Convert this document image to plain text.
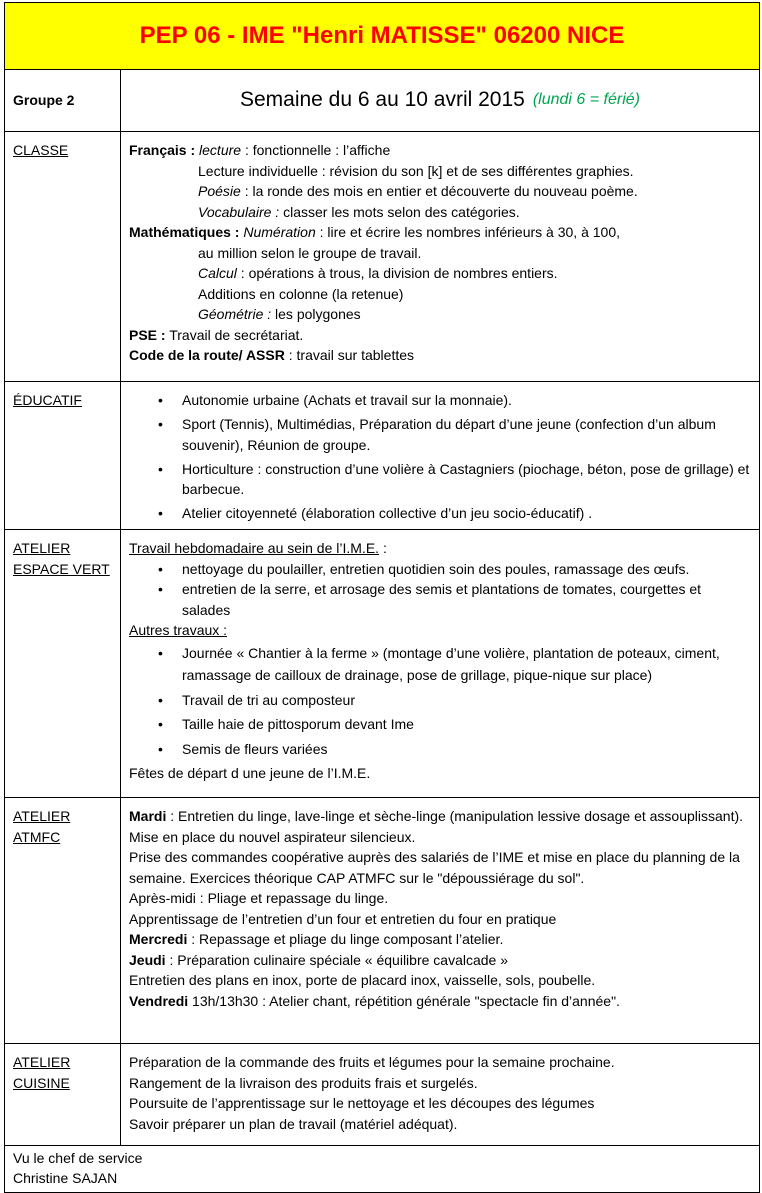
PEP 06 - IME "Henri MATISSE" 06200 NICE
Groupe 2	Semaine du 6 au 10 avril 2015 (lundi 6 = férié)
CLASSE	Français : lecture : fonctionnelle : l’affiche
Lecture individuelle : révision du son [k] et de ses différentes graphies.
Poésie : la ronde des mois en entier et découverte du nouveau poème.
Vocabulaire : classer les mots selon des catégories.
Mathématiques : Numération : lire et écrire les nombres inférieurs à 30, à 100,
au million selon le groupe de travail.
Calcul : opérations à trous, la division de nombres entiers.
Additions en colonne (la retenue)
Géométrie : les polygones
PSE : Travail de secrétariat.
Code de la route/ ASSR : travail sur tablettes
ÉDUCATIF
•	Autonomie urbaine (Achats et travail sur la monnaie).
• Sport (Tennis), Multimédias, Préparation du départ d’une jeune (confection d’un album souvenir), Réunion de groupe.
• Horticulture : construction d’une volière à Castagniers (piochage, béton, pose de grillage) et barbecue.
• Atelier citoyenneté (élaboration collective d’un jeu socio-éducatif) .
ATELIER
ESPACE VERT
Travail hebdomadaire au sein de l’I.M.E. :
• nettoyage du poulailler, entretien quotidien soin des poules, ramassage des œufs.
• entretien de la serre, et arrosage des semis et plantations de tomates, courgettes et salades
Autres travaux :
• Journée « Chantier à la ferme » (montage d’une volière, plantation de poteaux, ciment, ramassage de cailloux de drainage, pose de grillage, pique-nique sur place)
• Travail de tri au composteur
• Taille haie de pittosporum devant Ime
• Semis de fleurs variées
Fêtes de départ d une jeune de l’I.M.E.
ATELIER
ATMFC
Mardi : Entretien du linge, lave-linge et sèche-linge (manipulation lessive dosage et assouplissant).
Mise en place du nouvel aspirateur silencieux.
Prise des commandes coopérative auprès des salariés de l’IME et mise en place du planning de la semaine. Exercices théorique CAP ATMFC sur le "dépoussiérage du sol".
Après-midi : Pliage et repassage du linge.
Apprentissage de l’entretien d’un four et entretien du four en pratique
Mercredi : Repassage et pliage du linge composant l’atelier.
Jeudi : Préparation culinaire spéciale « équilibre cavalcade »
Entretien des plans en inox, porte de placard inox, vaisselle, sols, poubelle.
Vendredi 13h/13h30 : Atelier chant, répétition générale "spectacle fin d’année".
ATELIER
CUISINE
Préparation de la commande des fruits et légumes pour la semaine prochaine.
Rangement de la livraison des produits frais et surgelés.
Poursuite de l’apprentissage sur le nettoyage et les découpes des légumes
Savoir préparer un plan de travail (matériel adéquat).
Vu le chef de service
Christine SAJAN
